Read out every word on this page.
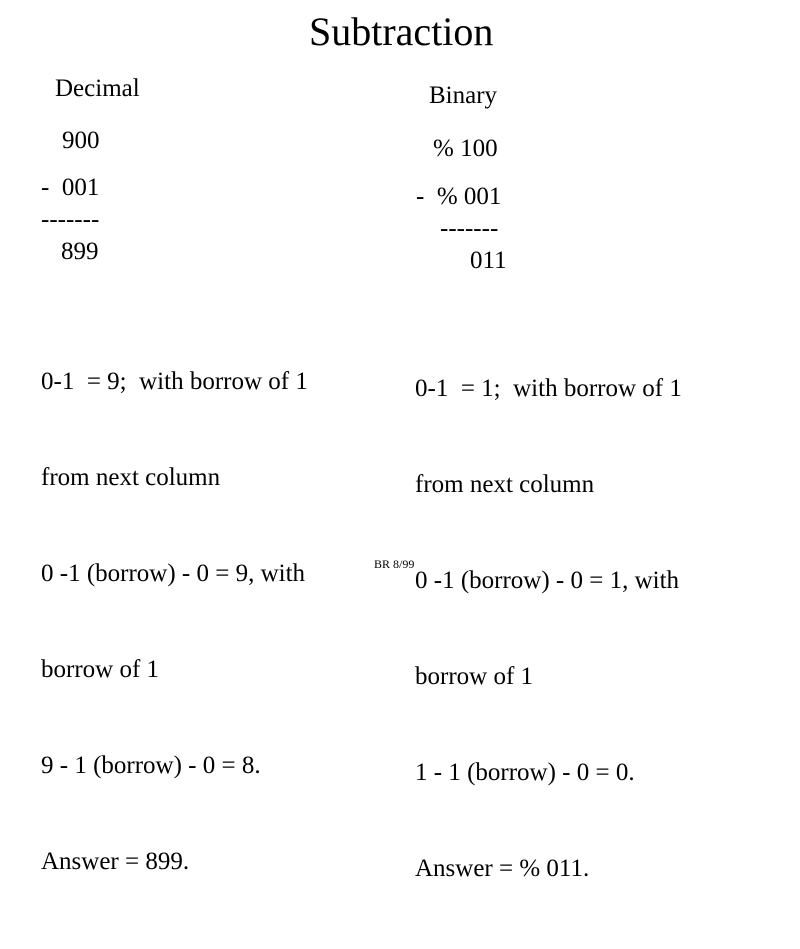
Subtraction
Decimal
900
-  001
-------
899

0-1  = 9;  with borrow of 1

from next column

0 -1 (borrow) - 0 = 9, with

borrow of 1

9 - 1 (borrow) - 0 = 8.

Answer = 899.

Binary
% 100
-  % 001
-------
011

0-1  = 1;  with borrow of 1

from next column

0 -1 (borrow) - 0 = 1, with

borrow of 1

1 - 1 (borrow) - 0 = 0.

Answer = % 011.

BR 8/99
